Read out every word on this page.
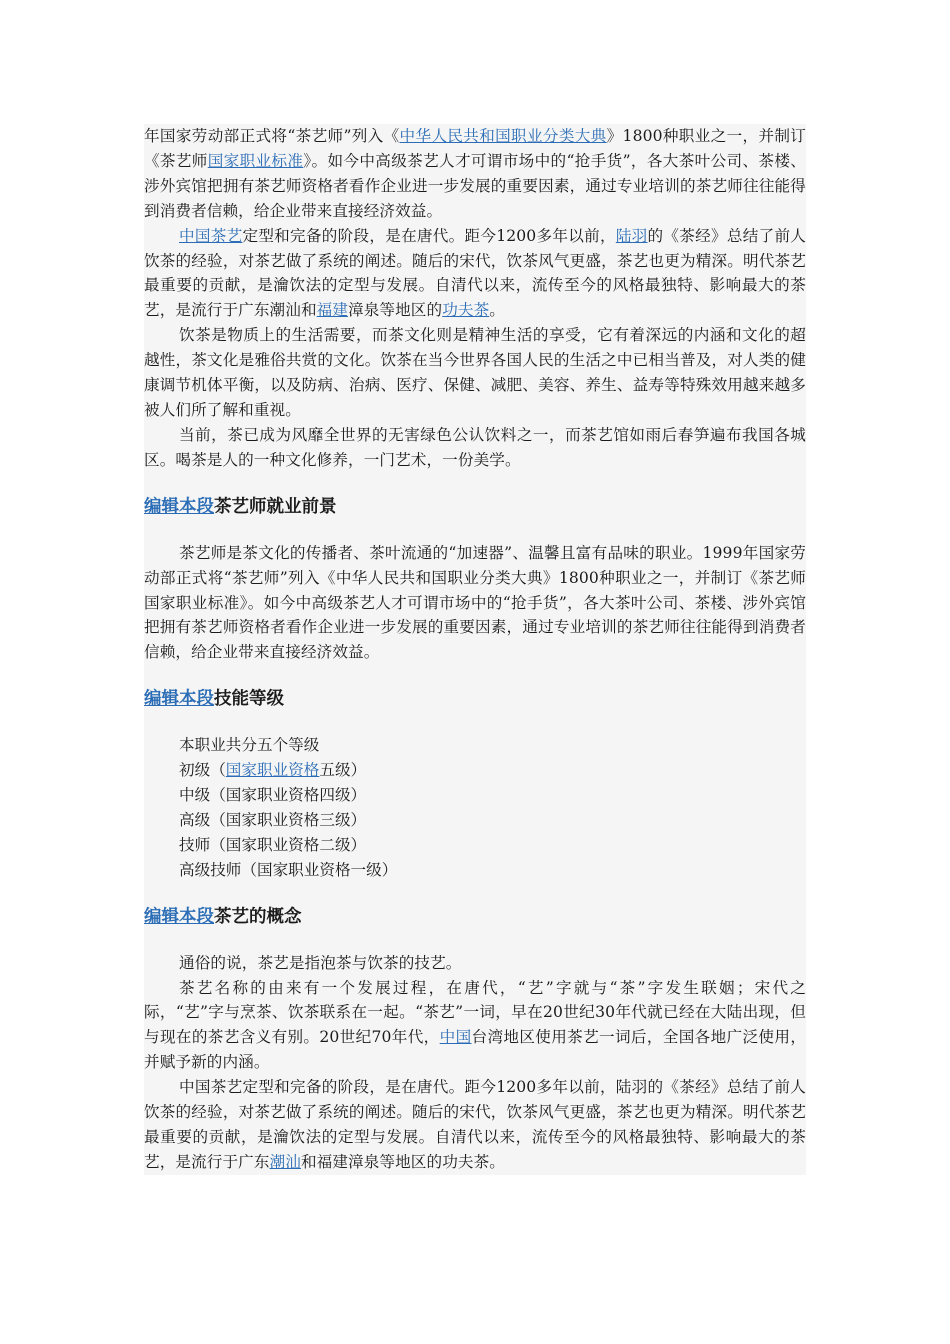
年国家劳动部正式将“茶艺师”列入《中华人民共和国职业分类大典》1800种职业之一，并制订《茶艺师国家职业标准》。如今中高级茶艺人才可谓市场中的“抢手货”，各大茶叶公司、茶楼、涉外宾馆把拥有茶艺师资格者看作企业进一步发展的重要因素，通过专业培训的茶艺师往往能得到消费者信赖，给企业带来直接经济效益。

中国茶艺定型和完备的阶段，是在唐代。距今1200多年以前，陆羽的《茶经》总结了前人饮茶的经验，对茶艺做了系统的阐述。随后的宋代，饮茶风气更盛，茶艺也更为精深。明代茶艺最重要的贡献，是瀹饮法的定型与发展。自清代以来，流传至今的风格最独特、影响最大的茶艺，是流行于广东潮汕和福建漳泉等地区的功夫茶。

饮茶是物质上的生活需要，而茶文化则是精神生活的享受，它有着深远的内涵和文化的超越性，茶文化是雅俗共赏的文化。饮茶在当今世界各国人民的生活之中已相当普及，对人类的健康调节机体平衡，以及防病、治病、医疗、保健、减肥、美容、养生、益寿等特殊效用越来越多被人们所了解和重视。

当前，茶已成为风靡全世界的无害绿色公认饮料之一，而茶艺馆如雨后春笋遍布我国各城区。喝茶是人的一种文化修养，一门艺术，一份美学。

编辑本段茶艺师就业前景

茶艺师是茶文化的传播者、茶叶流通的“加速器”、温馨且富有品味的职业。1999年国家劳动部正式将“茶艺师”列入《中华人民共和国职业分类大典》1800种职业之一，并制订《茶艺师国家职业标准》。如今中高级茶艺人才可谓市场中的“抢手货”，各大茶叶公司、茶楼、涉外宾馆把拥有茶艺师资格者看作企业进一步发展的重要因素，通过专业培训的茶艺师往往能得到消费者信赖，给企业带来直接经济效益。

编辑本段技能等级
本职业共分五个等级
初级（国家职业资格五级）
中级（国家职业资格四级）
高级（国家职业资格三级）
技师（国家职业资格二级）
高级技师（国家职业资格一级）
编辑本段茶艺的概念

通俗的说，茶艺是指泡茶与饮茶的技艺。

茶艺名称的由来有一个发展过程，在唐代，“艺”字就与“茶”字发生联姻；宋代之际，“艺”字与烹茶、饮茶联系在一起。“茶艺”一词，早在20世纪30年代就已经在大陆出现，但与现在的茶艺含义有别。20世纪70年代，中国台湾地区使用茶艺一词后，全国各地广泛使用，并赋予新的内涵。

中国茶艺定型和完备的阶段，是在唐代。距今1200多年以前，陆羽的《茶经》总结了前人饮茶的经验，对茶艺做了系统的阐述。随后的宋代，饮茶风气更盛，茶艺也更为精深。明代茶艺最重要的贡献，是瀹饮法的定型与发展。自清代以来，流传至今的风格最独特、影响最大的茶艺，是流行于广东潮汕和福建漳泉等地区的功夫茶。
